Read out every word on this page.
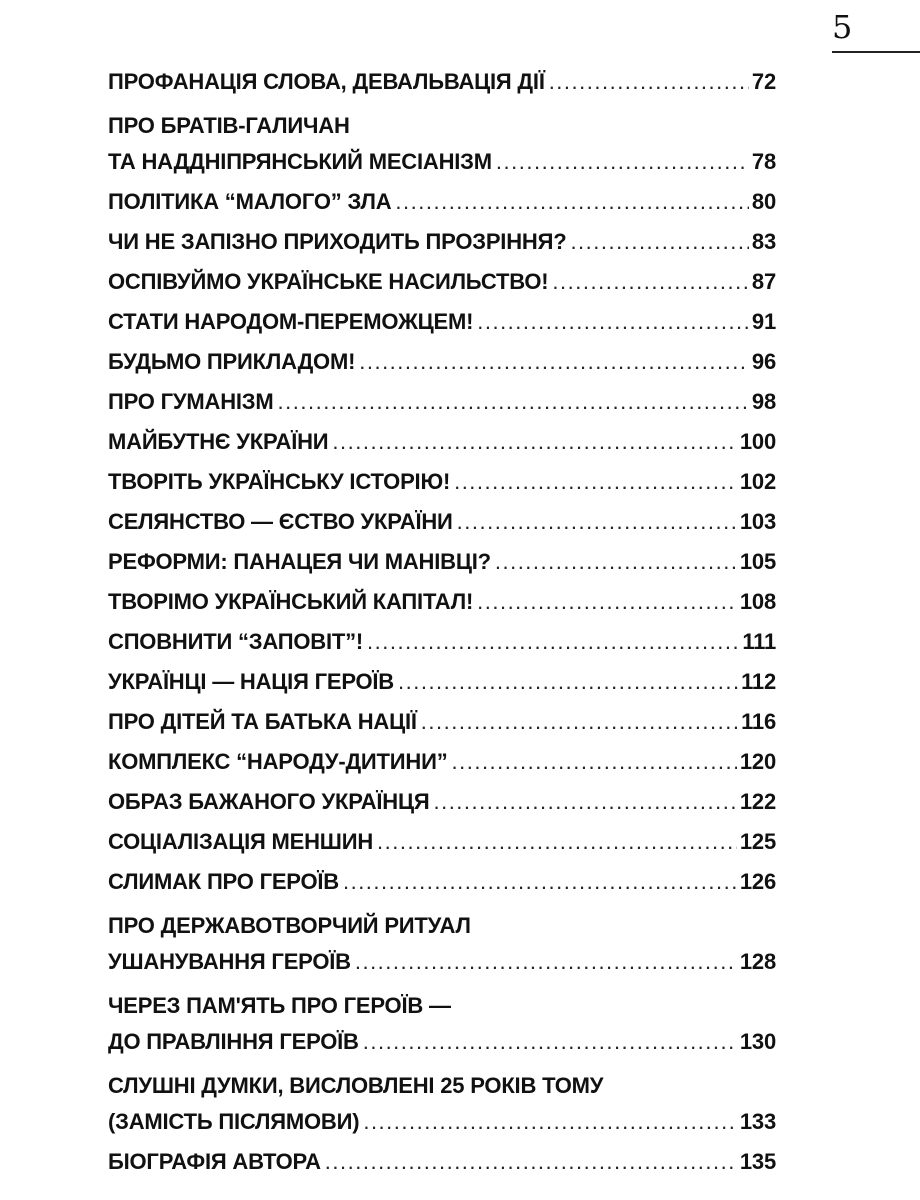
5
ПРОФАНАЦІЯ СЛОВА, ДЕВАЛЬВАЦІЯ ДІЇ .....	72
ПРО БРАТІВ-ГАЛИЧАН
ТА НАДДНІПРЯНСЬКИЙ МЕСІАНІЗМ .....	78
ПОЛІТИКА “МАЛОГО” ЗЛА .....	80
ЧИ НЕ ЗАПІЗНО ПРИХОДИТЬ ПРОЗРІННЯ? .....	83
ОСПІВУЙМО УКРАЇНСЬКЕ НАСИЛЬСТВО! .....	87
СТАТИ НАРОДОМ-ПЕРЕМОЖЦЕМ! .....	91
БУДЬМО ПРИКЛАДОМ! .....	96
ПРО ГУМАНІЗМ .....	98
МАЙБУТНЄ УКРАЇНИ .....	100
ТВОРІТЬ УКРАЇНСЬКУ ІСТОРІЮ! .....	102
СЕЛЯНСТВО — ЄСТВО УКРАЇНИ .....	103
РЕФОРМИ: ПАНАЦЕЯ ЧИ МАНІВЦІ? .....	105
ТВОРІМО УКРАЇНСЬКИЙ КАПІТАЛ! .....	108
СПОВНИТИ “ЗАПОВІТ”! .....	111
УКРАЇНЦІ — НАЦІЯ ГЕРОЇВ .....	112
ПРО ДІТЕЙ ТА БАТЬКА НАЦІЇ .....	116
КОМПЛЕКС “НАРОДУ-ДИТИНИ” .....	120
ОБРАЗ БАЖАНОГО УКРАЇНЦЯ .....	122
СОЦІАЛІЗАЦІЯ МЕНШИН .....	125
СЛИМАК ПРО ГЕРОЇВ .....	126
ПРО ДЕРЖАВОТВОРЧИЙ РИТУАЛ
УШАНУВАННЯ ГЕРОЇВ .....	128
ЧЕРЕЗ ПАМ'ЯТЬ ПРО ГЕРОЇВ —
ДО ПРАВЛІННЯ ГЕРОЇВ .....	130
СЛУШНІ ДУМКИ, ВИСЛОВЛЕНІ 25 РОКІВ ТОМУ
(ЗАМІСТЬ ПІСЛЯМОВИ) .....	133
БІОГРАФІЯ АВТОРА .....	135
